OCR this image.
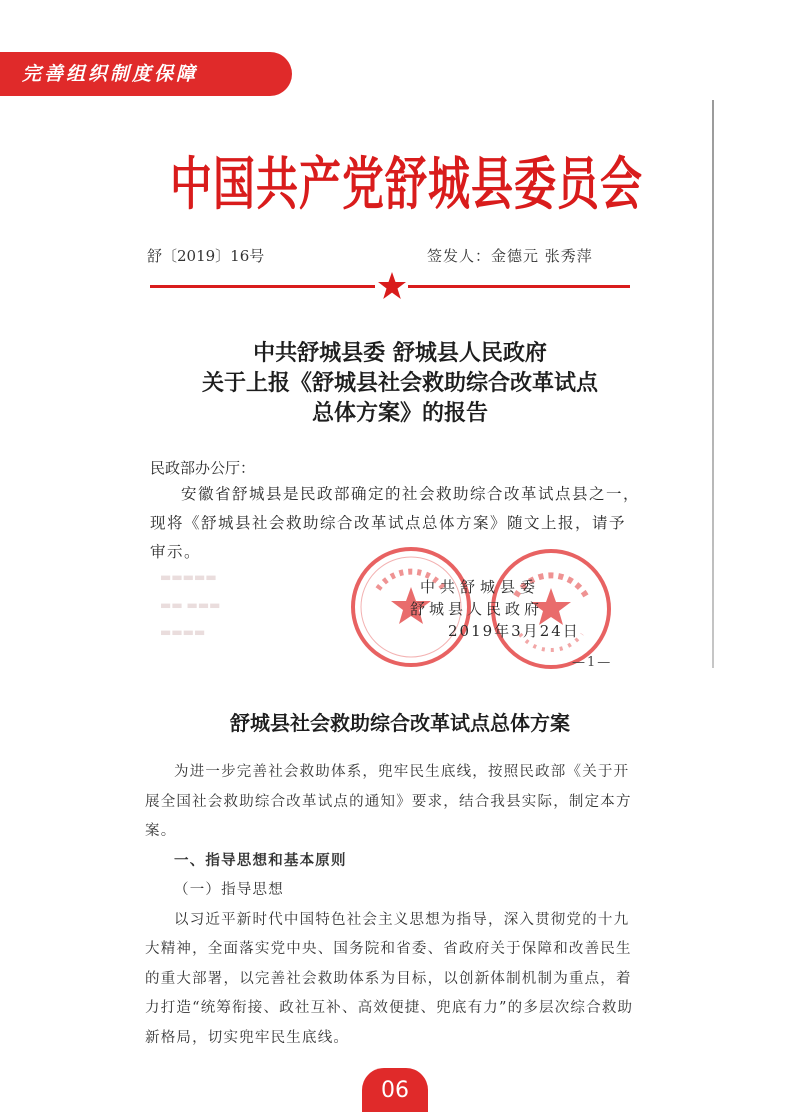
完善组织制度保障
中国共产党舒城县委员会
舒〔2019〕16号	签发人：金德元 张秀萍
中共舒城县委 舒城县人民政府
关于上报《舒城县社会救助综合改革试点
总体方案》的报告
民政部办公厅：
安徽省舒城县是民政部确定的社会救助综合改革试点县之一，现将《舒城县社会救助综合改革试点总体方案》随文上报，请予审示。
▬▬▬▬▬
▬▬ ▬▬▬
▬▬▬▬
中共舒城县委
舒城县人民政府
2019年3月24日
—1—
舒城县社会救助综合改革试点总体方案

为进一步完善社会救助体系，兜牢民生底线，按照民政部《关于开展全国社会救助综合改革试点的通知》要求，结合我县实际，制定本方案。

一、指导思想和基本原则

（一）指导思想

以习近平新时代中国特色社会主义思想为指导，深入贯彻党的十九大精神，全面落实党中央、国务院和省委、省政府关于保障和改善民生的重大部署，以完善社会救助体系为目标，以创新体制机制为重点，着力打造“统筹衔接、政社互补、高效便捷、兜底有力”的多层次综合救助新格局，切实兜牢民生底线。

06
